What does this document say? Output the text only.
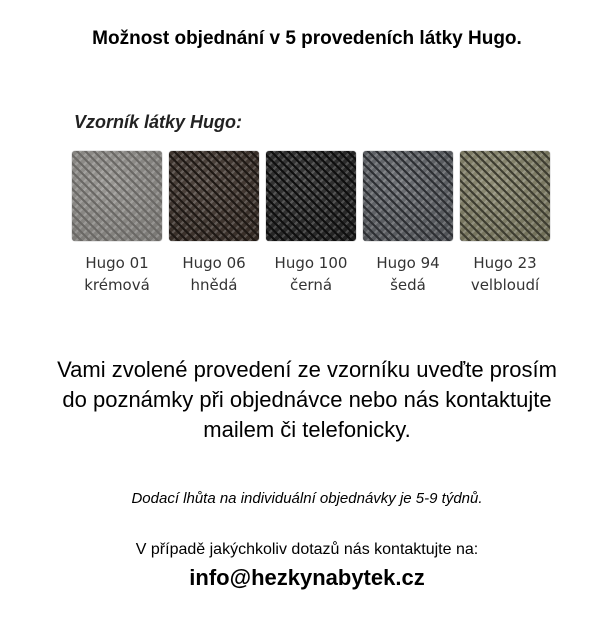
Možnost objednání v 5 provedeních látky Hugo.
Vzorník látky Hugo:
Hugo 01
krémová
Hugo 06
hnědá
Hugo 100
černá
Hugo 94
šedá
Hugo 23
velbloudí
Vami zvolené provedení ze vzorníku uveďte prosím
do poznámky při objednávce nebo nás kontaktujte
mailem či telefonicky.
Dodací lhůta na individuální objednávky je 5-9 týdnů.
V případě jakýchkoliv dotazů nás kontaktujte na:
info@hezkynabytek.cz
